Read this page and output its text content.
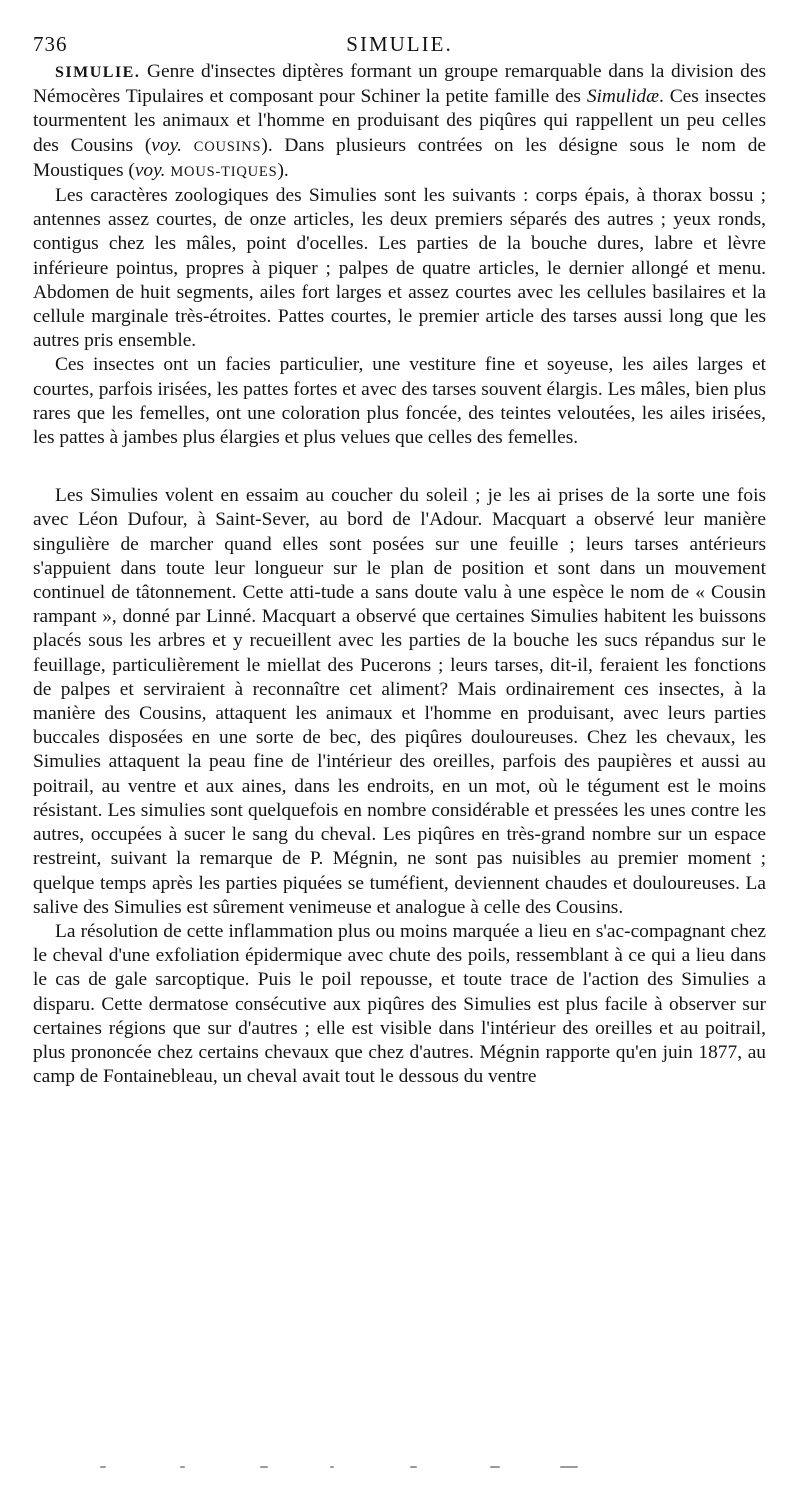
736	SIMULIE.

SIMULIE. Genre d'insectes diptères formant un groupe remarquable dans la division des Némocères Tipulaires et composant pour Schiner la petite famille des Simulidæ. Ces insectes tourmentent les animaux et l'homme en produisant des piqûres qui rappellent un peu celles des Cousins (voy. COUSINS). Dans plusieurs contrées on les désigne sous le nom de Moustiques (voy. MOUS-TIQUES).

Les caractères zoologiques des Simulies sont les suivants : corps épais, à thorax bossu ; antennes assez courtes, de onze articles, les deux premiers séparés des autres ; yeux ronds, contigus chez les mâles, point d'ocelles. Les parties de la bouche dures, labre et lèvre inférieure pointus, propres à piquer ; palpes de quatre articles, le dernier allongé et menu. Abdomen de huit segments, ailes fort larges et assez courtes avec les cellules basilaires et la cellule marginale très-étroites. Pattes courtes, le premier article des tarses aussi long que les autres pris ensemble.

Ces insectes ont un facies particulier, une vestiture fine et soyeuse, les ailes larges et courtes, parfois irisées, les pattes fortes et avec des tarses souvent élargis. Les mâles, bien plus rares que les femelles, ont une coloration plus foncée, des teintes veloutées, les ailes irisées, les pattes à jambes plus élargies et plus velues que celles des femelles.

Les Simulies volent en essaim au coucher du soleil ; je les ai prises de la sorte une fois avec Léon Dufour, à Saint-Sever, au bord de l'Adour. Macquart a observé leur manière singulière de marcher quand elles sont posées sur une feuille ; leurs tarses antérieurs s'appuient dans toute leur longueur sur le plan de position et sont dans un mouvement continuel de tâtonnement. Cette atti-tude a sans doute valu à une espèce le nom de « Cousin rampant », donné par Linné. Macquart a observé que certaines Simulies habitent les buissons placés sous les arbres et y recueillent avec les parties de la bouche les sucs répandus sur le feuillage, particulièrement le miellat des Pucerons ; leurs tarses, dit-il, feraient les fonctions de palpes et serviraient à reconnaître cet aliment? Mais ordinairement ces insectes, à la manière des Cousins, attaquent les animaux et l'homme en produisant, avec leurs parties buccales disposées en une sorte de bec, des piqûres douloureuses. Chez les chevaux, les Simulies attaquent la peau fine de l'intérieur des oreilles, parfois des paupières et aussi au poitrail, au ventre et aux aines, dans les endroits, en un mot, où le tégument est le moins résistant. Les simulies sont quelquefois en nombre considérable et pressées les unes contre les autres, occupées à sucer le sang du cheval. Les piqûres en très-grand nombre sur un espace restreint, suivant la remarque de P. Mégnin, ne sont pas nuisibles au premier moment ; quelque temps après les parties piquées se tuméfient, deviennent chaudes et douloureuses. La salive des Simulies est sûrement venimeuse et analogue à celle des Cousins.

La résolution de cette inflammation plus ou moins marquée a lieu en s'ac-compagnant chez le cheval d'une exfoliation épidermique avec chute des poils, ressemblant à ce qui a lieu dans le cas de gale sarcoptique. Puis le poil repousse, et toute trace de l'action des Simulies a disparu. Cette dermatose consécutive aux piqûres des Simulies est plus facile à observer sur certaines régions que sur d'autres ; elle est visible dans l'intérieur des oreilles et au poitrail, plus prononcée chez certains chevaux que chez d'autres. Mégnin rapporte qu'en juin 1877, au camp de Fontainebleau, un cheval avait tout le dessous du ventre
